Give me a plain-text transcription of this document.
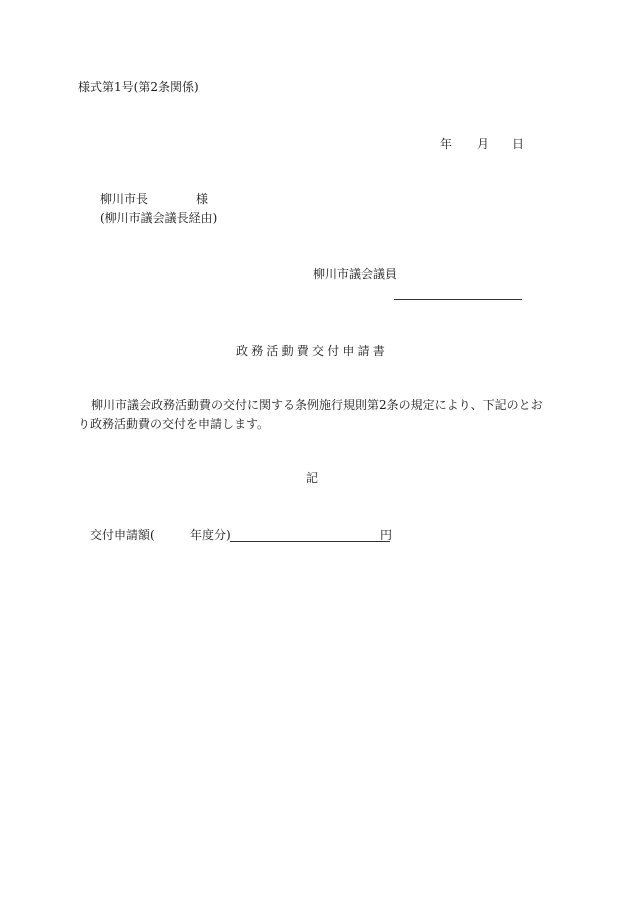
様式第1号(第2条関係)
年 月 日
柳川市長	様
(柳川市議会議長経由)
柳川市議会議員
政務活動費交付申請書
柳川市議会政務活動費の交付に関する条例施行規則第2条の規定により、下記のとおり政務活動費の交付を申請します。
記
交付申請額 (	年度分)	円
